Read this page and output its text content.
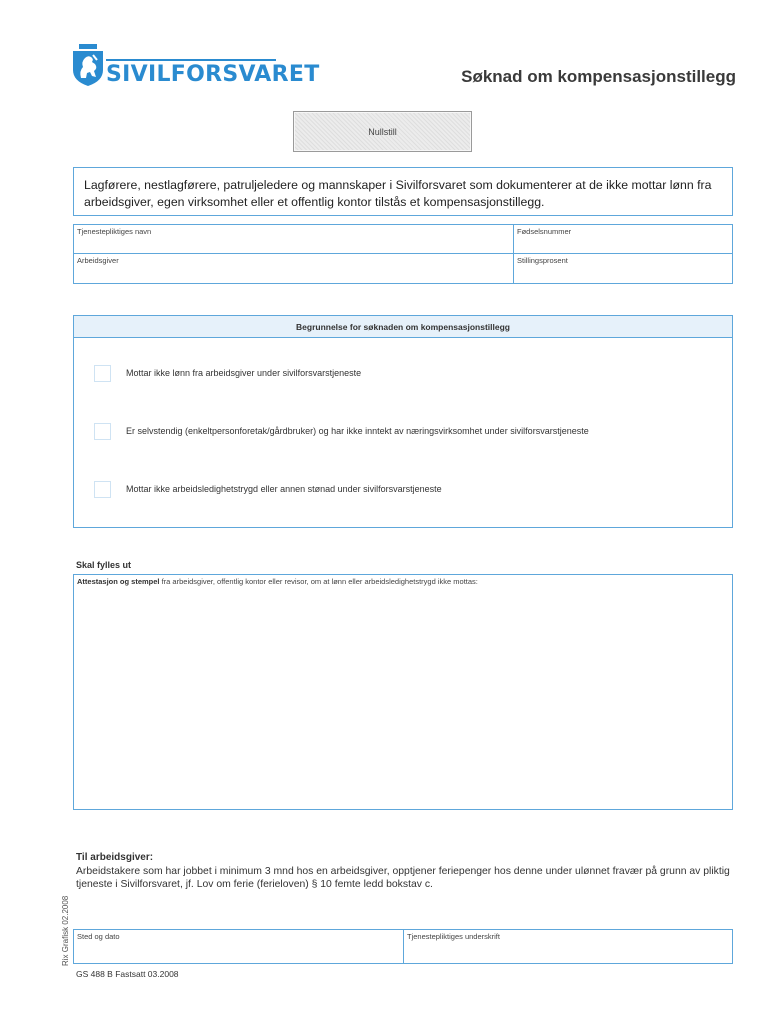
SIVILFORSVARET	Søknad om kompensasjonstillegg
Nullstill
Lagførere, nestlagførere, patruljeledere og mannskaper i Sivilforsvaret som dokumenterer at de ikke mottar lønn fra arbeidsgiver, egen virksomhet eller et offentlig kontor tilstås et kompensasjonstillegg.
Tjenestepliktiges navn	Fødselsnummer
Arbeidsgiver	Stillingsprosent
Begrunnelse for søknaden om kompensasjonstillegg
Mottar ikke lønn fra arbeidsgiver under sivilforsvarstjeneste
Er selvstendig (enkeltpersonforetak/gårdbruker) og har ikke inntekt av næringsvirksomhet under sivilforsvarstjeneste
Mottar ikke arbeidsledighetstrygd eller annen stønad under sivilforsvarstjeneste
Skal fylles ut
Attestasjon og stempel fra arbeidsgiver, offentlig kontor eller revisor, om at lønn eller arbeidsledighetstrygd ikke mottas:
Til arbeidsgiver:
Arbeidstakere som har jobbet i minimum 3 mnd hos en arbeidsgiver, opptjener feriepenger hos denne under ulønnet fravær på grunn av pliktig tjeneste i Sivilforsvaret, jf. Lov om ferie (ferieloven) § 10 femte ledd bokstav c.
Sted og dato	Tjenestepliktiges underskrift
GS 488 B Fastsatt 03.2008
Rix Grafisk 02.2008
